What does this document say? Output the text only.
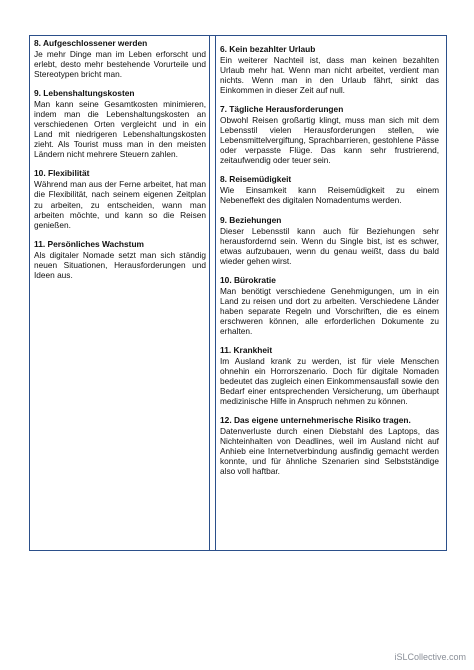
8. Aufgeschlossener werden

Je mehr Dinge man im Leben erforscht und erlebt, desto mehr bestehende Vorurteile und Stereotypen bricht man.

9. Lebenshaltungskosten

Man kann seine Gesamtkosten minimieren, indem man die Lebenshaltungskosten an verschiedenen Orten vergleicht und in ein Land mit niedrigeren Lebenshaltungskosten zieht. Als Tourist muss man in den meisten Ländern nicht mehrere Steuern zahlen.

10. Flexibilität

Während man aus der Ferne arbeitet, hat man die Flexibilität, nach seinem eigenen Zeitplan zu arbeiten, zu entscheiden, wann man arbeiten möchte, und kann so die Reisen genießen.

11. Persönliches Wachstum

Als digitaler Nomade setzt man sich ständig neuen Situationen, Herausforderungen und Ideen aus.

6. Kein bezahlter Urlaub

Ein weiterer Nachteil ist, dass man keinen bezahlten Urlaub mehr hat. Wenn man nicht arbeitet, verdient man nichts. Wenn man in den Urlaub fährt, sinkt das Einkommen in dieser Zeit auf null.

7. Tägliche Herausforderungen

Obwohl Reisen großartig klingt, muss man sich mit dem Lebensstil vielen Herausforderungen stellen, wie Lebensmittelvergiftung, Sprachbarrieren, gestohlene Pässe oder verpasste Flüge. Das kann sehr frustrierend, zeitaufwendig oder teuer sein.

8. Reisemüdigkeit

Wie Einsamkeit kann Reisemüdigkeit zu einem Nebeneffekt des digitalen Nomadentums werden.

9. Beziehungen

Dieser Lebensstil kann auch für Beziehungen sehr herausfordernd sein. Wenn du Single bist, ist es schwer, etwas aufzubauen, wenn du genau weißt, dass du bald wieder gehen wirst.

10. Bürokratie

Man benötigt verschiedene Genehmigungen, um in ein Land zu reisen und dort zu arbeiten. Verschiedene Länder haben separate Regeln und Vorschriften, die es einem erschweren können, alle erforderlichen Dokumente zu erhalten.

11. Krankheit

Im Ausland krank zu werden, ist für viele Menschen ohnehin ein Horrorszenario. Doch für digitale Nomaden bedeutet das zugleich einen Einkommensausfall sowie den Bedarf einer entsprechenden Versicherung, um überhaupt medizinische Hilfe in Anspruch nehmen zu können.

12. Das eigene unternehmerische Risiko tragen.

Datenverluste durch einen Diebstahl des Laptops, das Nichteinhalten von Deadlines, weil im Ausland nicht auf Anhieb eine Internetverbindung ausfindig gemacht werden konnte, und für ähnliche Szenarien sind Selbstständige also voll haftbar.

iSLCollective.com
